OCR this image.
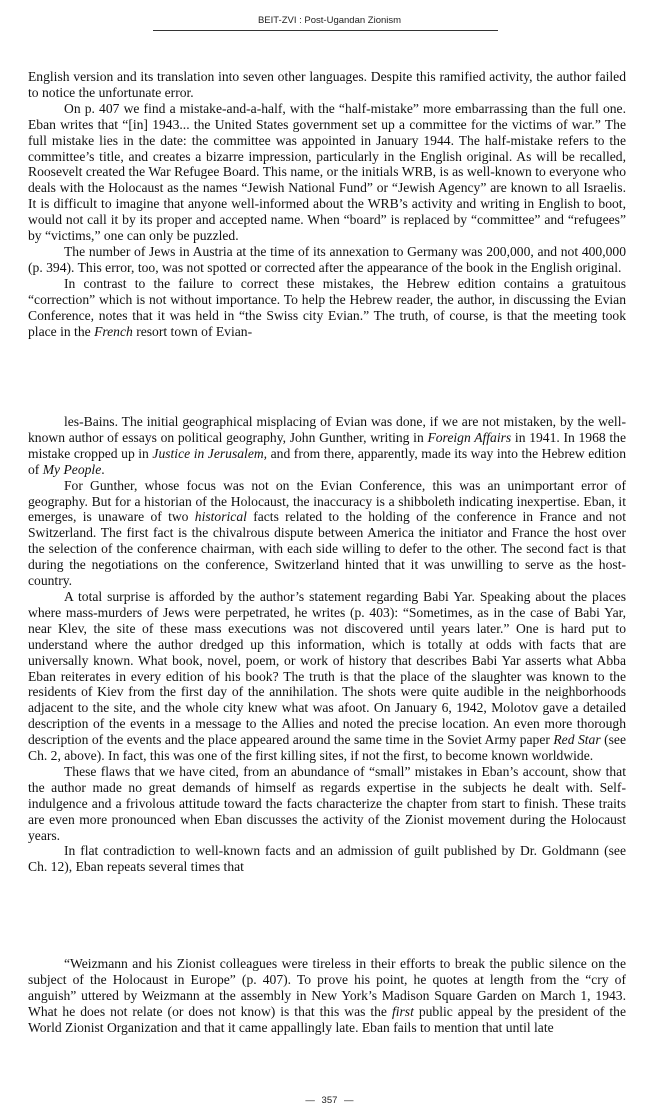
BEIT-ZVI : Post-Ugandan Zionism

English version and its translation into seven other languages. Despite this ramified activity, the author failed to notice the unfortunate error.

On p. 407 we find a mistake-and-a-half, with the “half-mistake” more embarrassing than the full one. Eban writes that “[in] 1943... the United States government set up a committee for the victims of war.” The full mistake lies in the date: the committee was appointed in January 1944. The half-mistake refers to the committee’s title, and creates a bizarre impression, particularly in the English original. As will be recalled, Roosevelt created the War Refugee Board. This name, or the initials WRB, is as well-known to everyone who deals with the Holocaust as the names “Jewish National Fund” or “Jewish Agency” are known to all Israelis. It is difficult to imagine that anyone well-informed about the WRB’s activity and writing in English to boot, would not call it by its proper and accepted name. When “board” is replaced by “committee” and “refugees” by “victims,” one can only be puzzled.

The number of Jews in Austria at the time of its annexation to Germany was 200,000, and not 400,000 (p. 394). This error, too, was not spotted or corrected after the appearance of the book in the English original.

In contrast to the failure to correct these mistakes, the Hebrew edition contains a gratuitous “correction” which is not without importance. To help the Hebrew reader, the author, in discussing the Evian Conference, notes that it was held in “the Swiss city Evian.” The truth, of course, is that the meeting took place in the French resort town of Evian-

les-Bains. The initial geographical misplacing of Evian was done, if we are not mistaken, by the well-known author of essays on political geography, John Gunther, writing in Foreign Affairs in 1941. In 1968 the mistake cropped up in Justice in Jerusalem, and from there, apparently, made its way into the Hebrew edition of My People.

For Gunther, whose focus was not on the Evian Conference, this was an unimportant error of geography. But for a historian of the Holocaust, the inaccuracy is a shibboleth indicating inexpertise. Eban, it emerges, is unaware of two historical facts related to the holding of the conference in France and not Switzerland. The first fact is the chivalrous dispute between America the initiator and France the host over the selection of the conference chairman, with each side willing to defer to the other. The second fact is that during the negotiations on the conference, Switzerland hinted that it was unwilling to serve as the host-country.

A total surprise is afforded by the author’s statement regarding Babi Yar. Speaking about the places where mass-murders of Jews were perpetrated, he writes (p. 403): “Sometimes, as in the case of Babi Yar, near Klev, the site of these mass executions was not discovered until years later.” One is hard put to understand where the author dredged up this information, which is totally at odds with facts that are universally known. What book, novel, poem, or work of history that describes Babi Yar asserts what Abba Eban reiterates in every edition of his book? The truth is that the place of the slaughter was known to the residents of Kiev from the first day of the annihilation. The shots were quite audible in the neighborhoods adjacent to the site, and the whole city knew what was afoot. On January 6, 1942, Molotov gave a detailed description of the events in a message to the Allies and noted the precise location. An even more thorough description of the events and the place appeared around the same time in the Soviet Army paper Red Star (see Ch. 2, above). In fact, this was one of the first killing sites, if not the first, to become known worldwide.

These flaws that we have cited, from an abundance of “small” mistakes in Eban’s account, show that the author made no great demands of himself as regards expertise in the subjects he dealt with. Self-indulgence and a frivolous attitude toward the facts characterize the chapter from start to finish. These traits are even more pronounced when Eban discusses the activity of the Zionist movement during the Holocaust years.

In flat contradiction to well-known facts and an admission of guilt published by Dr. Goldmann (see Ch. 12), Eban repeats several times that

“Weizmann and his Zionist colleagues were tireless in their efforts to break the public silence on the subject of the Holocaust in Europe” (p. 407). To prove his point, he quotes at length from the “cry of anguish” uttered by Weizmann at the assembly in New York’s Madison Square Garden on March 1, 1943. What he does not relate (or does not know) is that this was the first public appeal by the president of the World Zionist Organization and that it came appallingly late. Eban fails to mention that until late

— 357 —
